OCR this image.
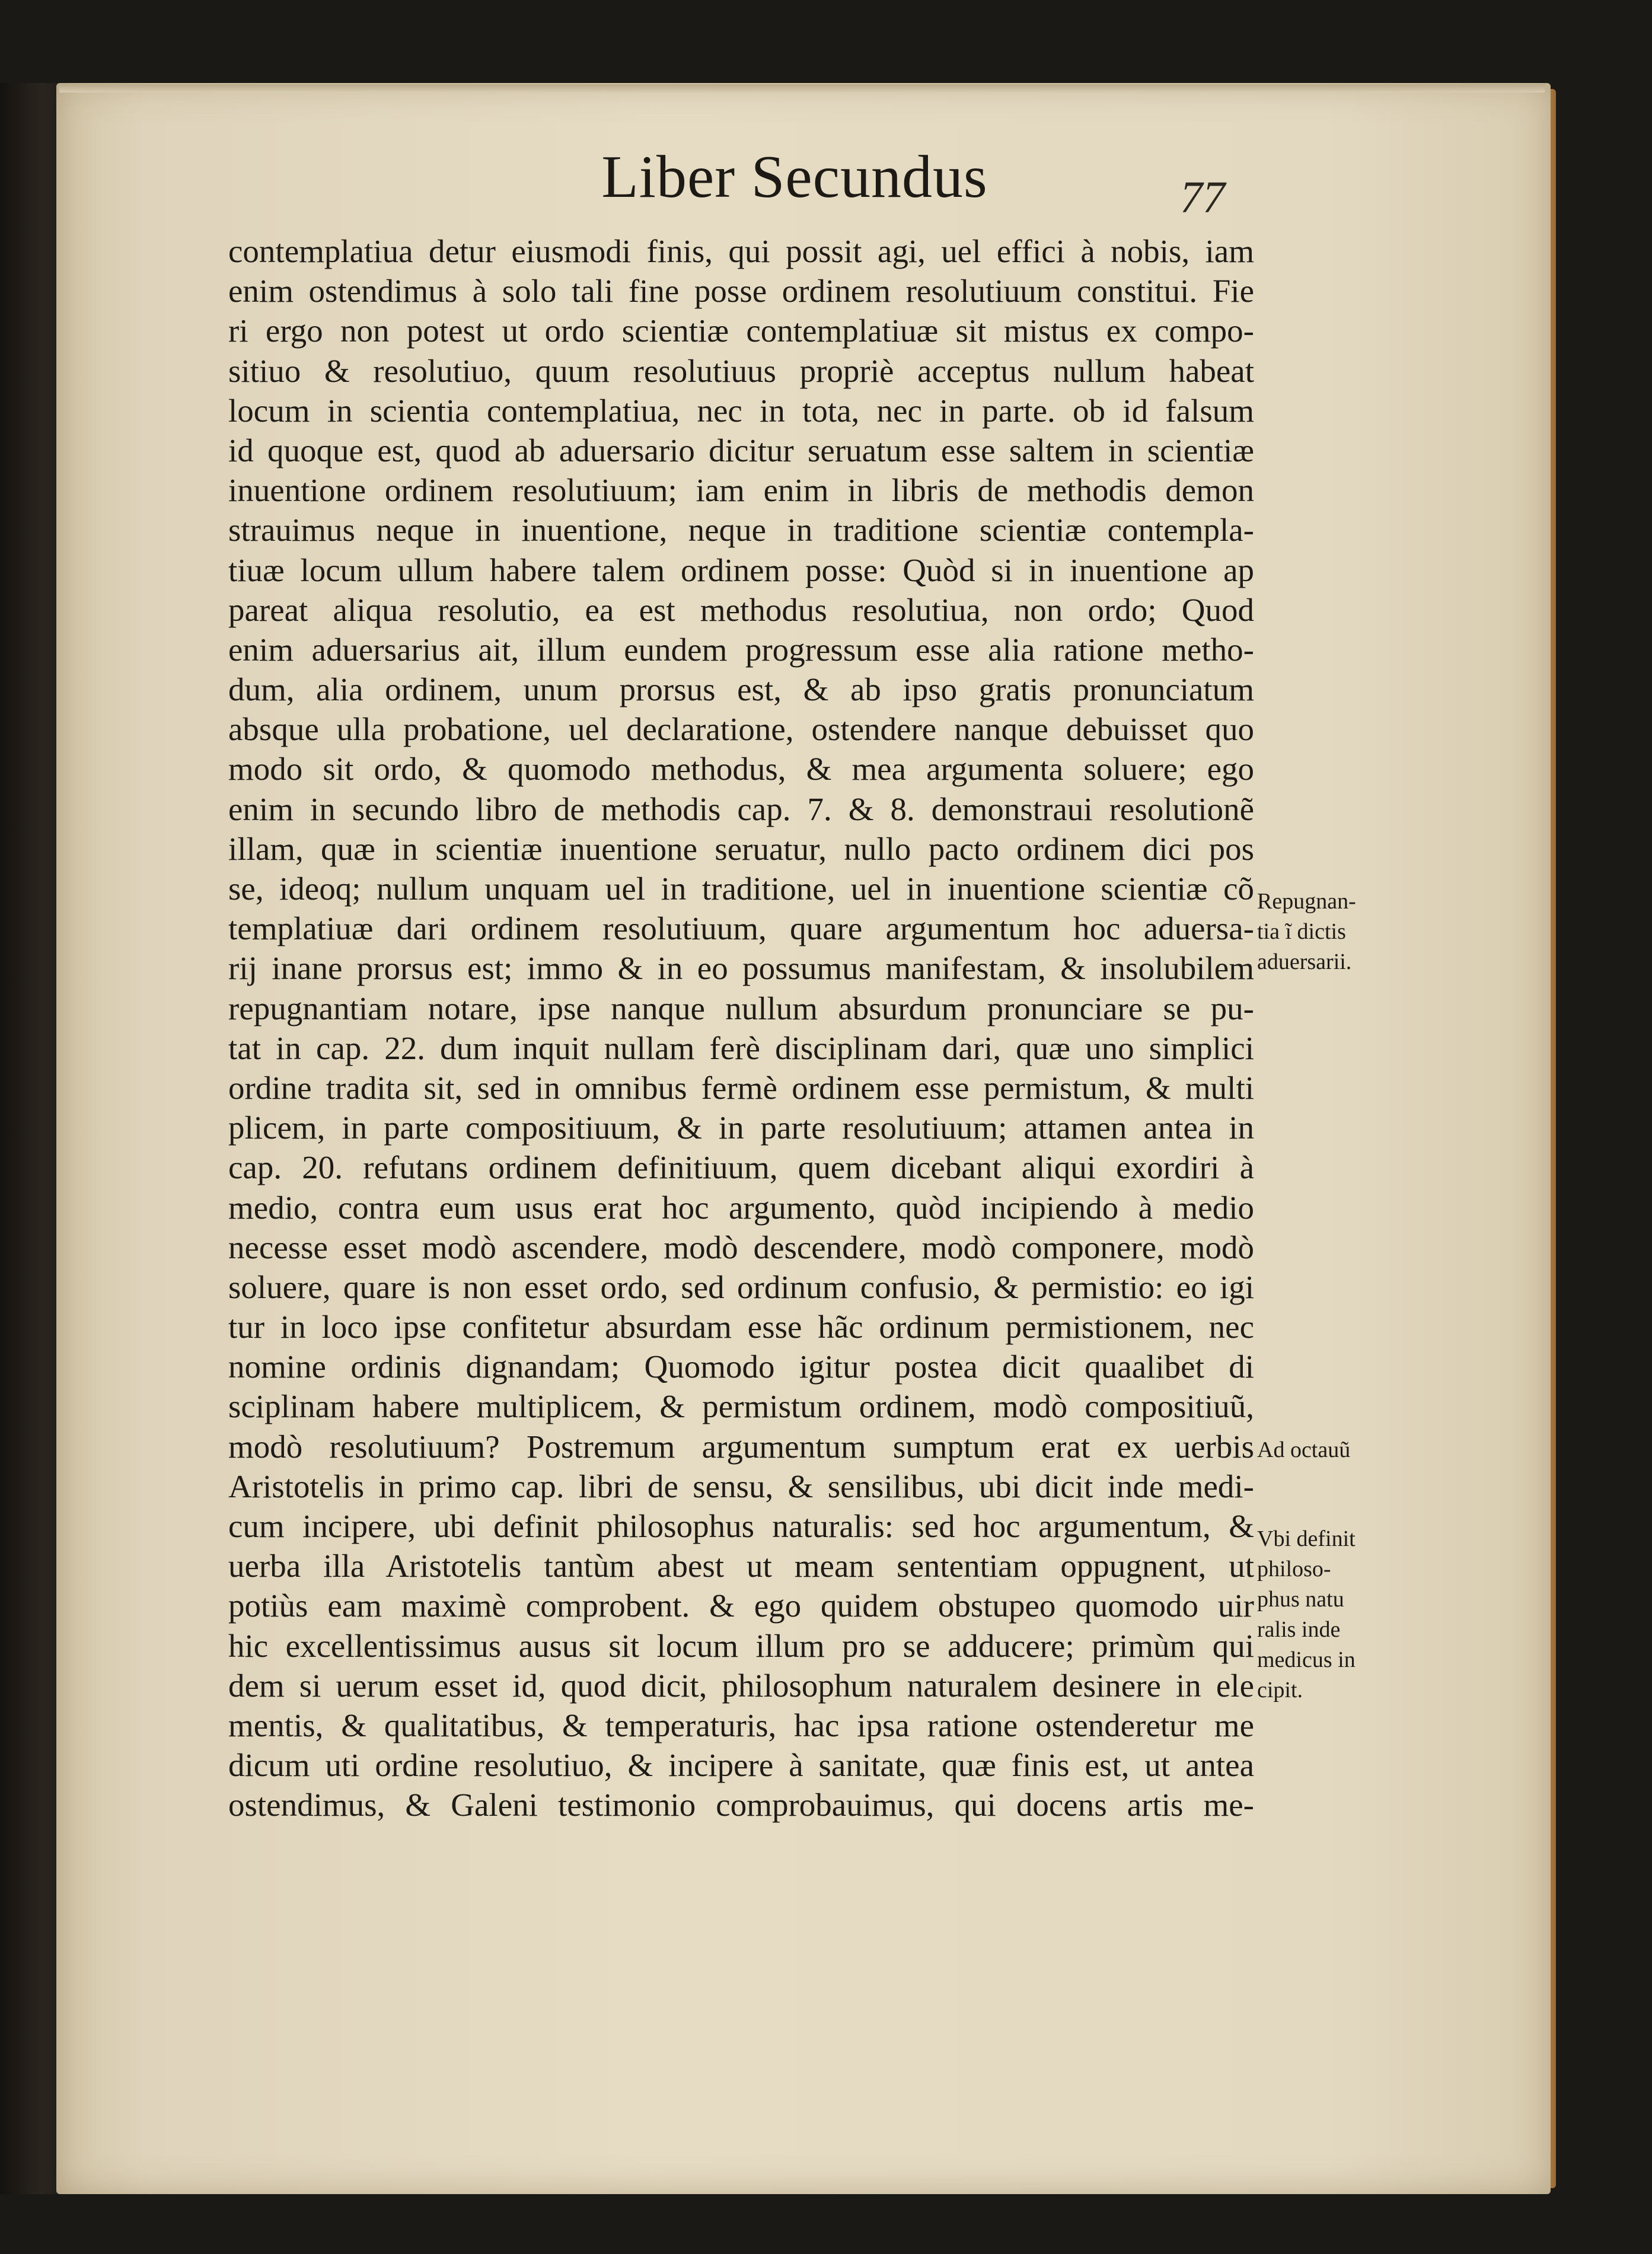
Liber Secundus	77
contemplatiua detur eiusmodi finis, qui possit agi, uel effici à nobis, iam
enim ostendimus à solo tali fine posse ordinem resolutiuum constitui. Fie
ri ergo non potest ut ordo scientiæ contemplatiuæ sit mistus ex compo-
sitiuo & resolutiuo, quum resolutiuus propriè acceptus nullum habeat
locum in scientia contemplatiua, nec in tota, nec in parte. ob id falsum
id quoque est, quod ab aduersario dicitur seruatum esse saltem in scientiæ
inuentione ordinem resolutiuum; iam enim in libris de methodis demon
strauimus neque in inuentione, neque in traditione scientiæ contempla-
tiuæ locum ullum habere talem ordinem posse: Quòd si in inuentione ap
pareat aliqua resolutio, ea est methodus resolutiua, non ordo; Quod
enim aduersarius ait, illum eundem progressum esse alia ratione metho-
dum, alia ordinem, unum prorsus est, & ab ipso gratis pronunciatum
absque ulla probatione, uel declaratione, ostendere nanque debuisset quo
modo sit ordo, & quomodo methodus, & mea argumenta soluere; ego
enim in secundo libro de methodis cap. 7. & 8. demonstraui resolutionẽ
illam, quæ in scientiæ inuentione seruatur, nullo pacto ordinem dici pos
se, ideoq; nullum unquam uel in traditione, uel in inuentione scientiæ cõ
templatiuæ dari ordinem resolutiuum, quare argumentum hoc aduersa-
rij inane prorsus est; immo & in eo possumus manifestam, & insolubilem
repugnantiam notare, ipse nanque nullum absurdum pronunciare se pu-
tat in cap. 22. dum inquit nullam ferè disciplinam dari, quæ uno simplici
ordine tradita sit, sed in omnibus fermè ordinem esse permistum, & multi
plicem, in parte compositiuum, & in parte resolutiuum; attamen antea in
cap. 20. refutans ordinem definitiuum, quem dicebant aliqui exordiri à
medio, contra eum usus erat hoc argumento, quòd incipiendo à medio
necesse esset modò ascendere, modò descendere, modò componere, modò
soluere, quare is non esset ordo, sed ordinum confusio, & permistio: eo igi
tur in loco ipse confitetur absurdam esse hãc ordinum permistionem, nec
nomine ordinis dignandam; Quomodo igitur postea dicit quaalibet di
sciplinam habere multiplicem, & permistum ordinem, modò compositiuũ,
modò resolutiuum? Postremum argumentum sumptum erat ex uerbis
Aristotelis in primo cap. libri de sensu, & sensilibus, ubi dicit inde medi-
cum incipere, ubi definit philosophus naturalis: sed hoc argumentum, &
uerba illa Aristotelis tantùm abest ut meam sententiam oppugnent, ut
potiùs eam maximè comprobent. & ego quidem obstupeo quomodo uir
hic excellentissimus ausus sit locum illum pro se adducere; primùm qui
dem si uerum esset id, quod dicit, philosophum naturalem desinere in ele
mentis, & qualitatibus, & temperaturis, hac ipsa ratione ostenderetur me
dicum uti ordine resolutiuo, & incipere à sanitate, quæ finis est, ut antea
ostendimus, & Galeni testimonio comprobauimus, qui docens artis me-
Repugnan-
tia ĩ dictis
aduersarii.
Ad octauũ
Vbi definit
philoso-
phus natu
ralis inde
medicus in
cipit.
